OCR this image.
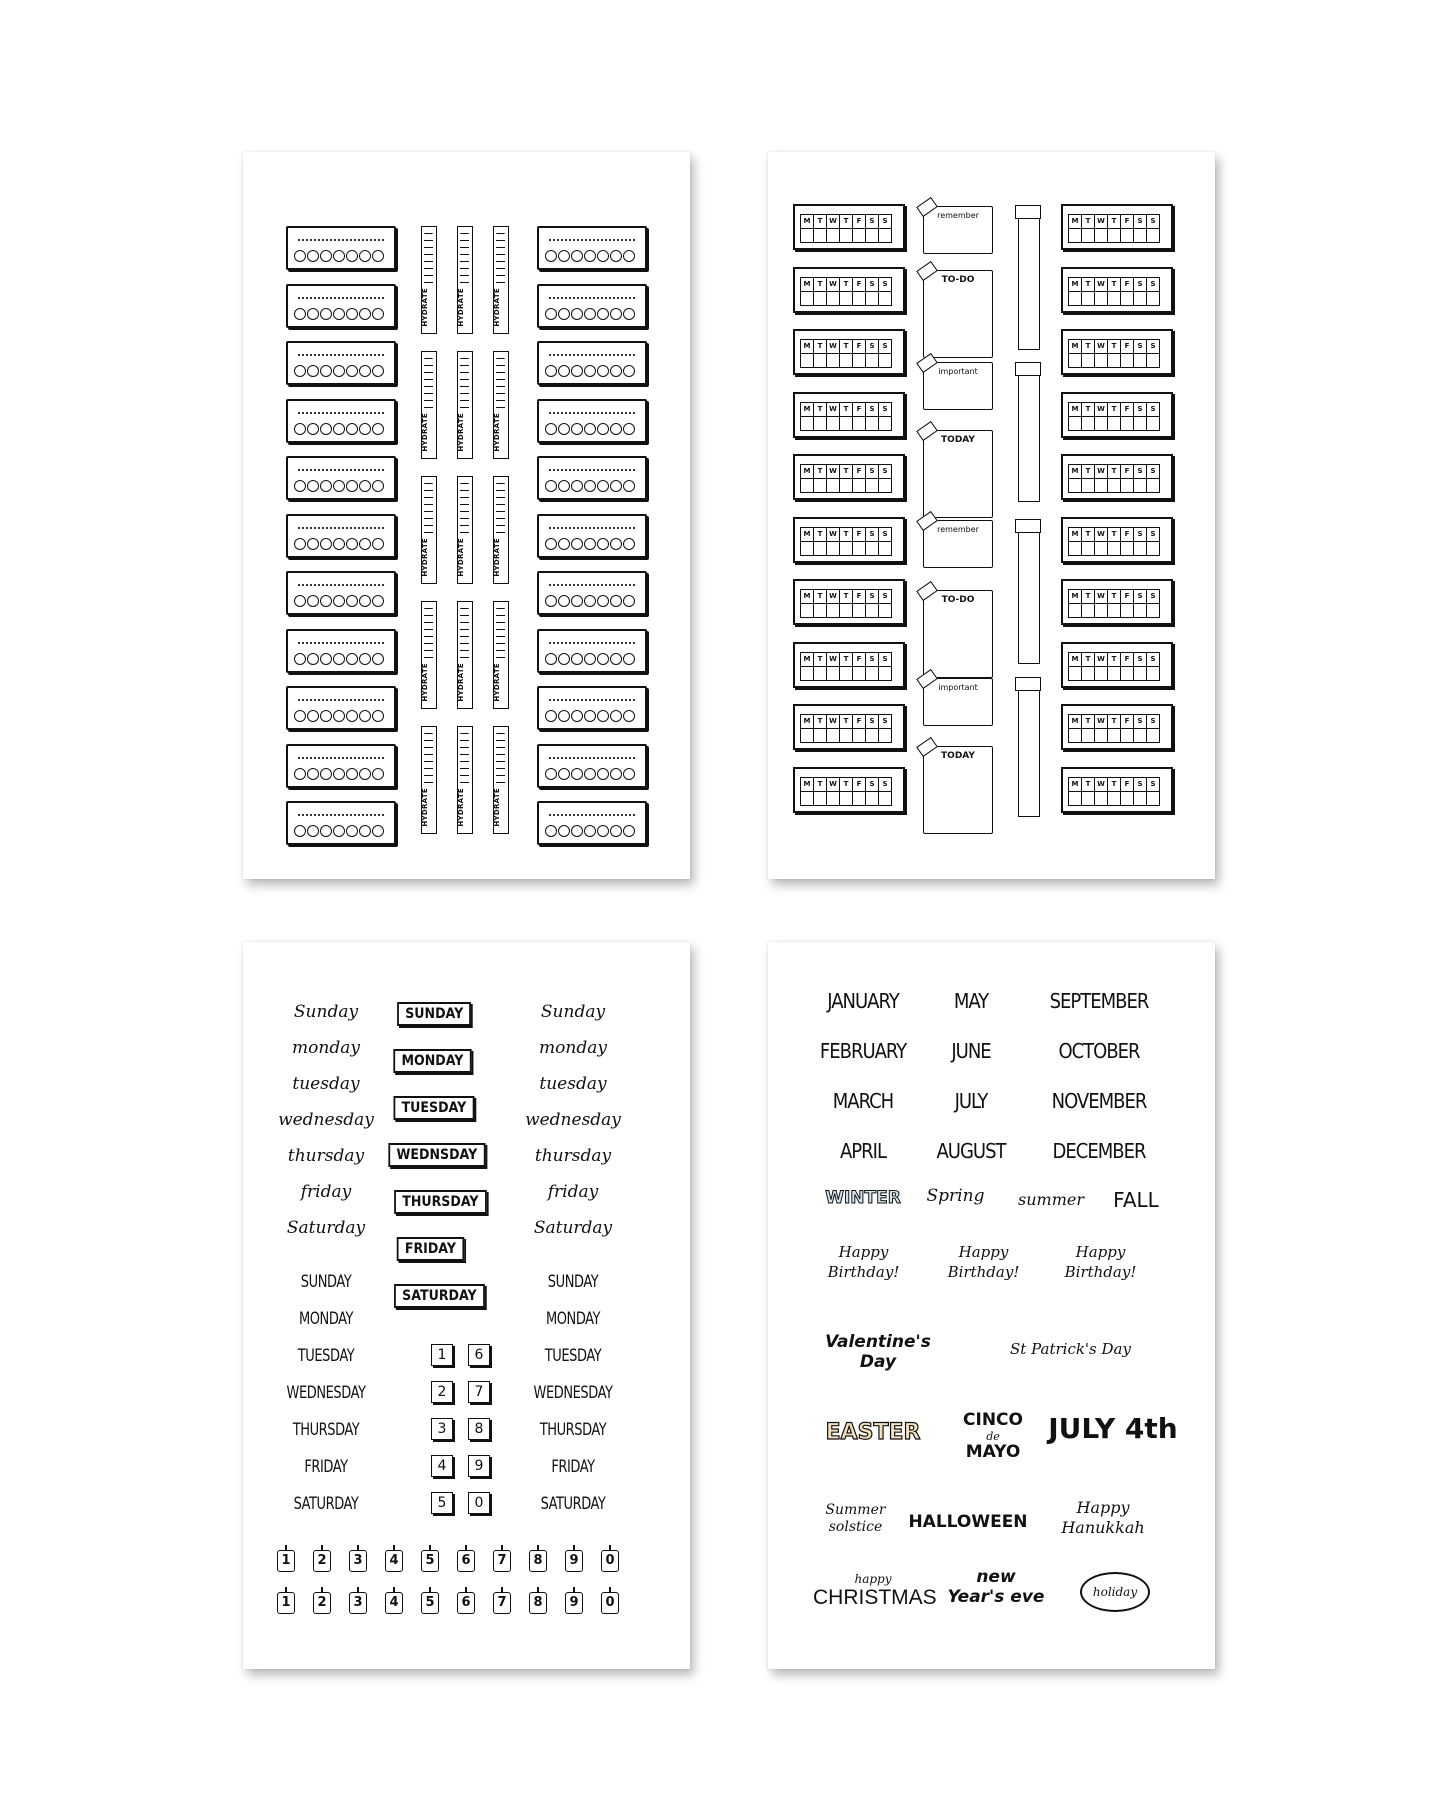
HYDRATE	HYDRATE	HYDRATE
HYDRATE	HYDRATE	HYDRATE
HYDRATE	HYDRATE	HYDRATE
HYDRATE	HYDRATE	HYDRATE
HYDRATE	HYDRATE	HYDRATE
M	T W T	F	S	S	M	T W T	F	S	S
M	T W T	F	S	S	M	T W T	F	S	S
M	T W T	F	S	S	M	T W T	F	S	S
M	T W T	F	S	S	M	T W T	F	S	S
M	T W T	F	S	S	M	T W T	F	S	S
M	T W T	F	S	S	M	T W T	F	S	S
M	T W T	F	S	S	M	T W T	F	S	S
M	T W T	F	S	S	M	T W T	F	S	S
M	T W T	F	S	S	M	T W T	F	S	S
M	T W T	F	S	S	M	T W T	F	S	S
remember
TO-DO
important
TODAY
remember
TO-DO
important
TODAY
Sunday	Sunday
monday	monday
tuesday	tuesday
wednesday	wednesday
thursday	thursday
friday	friday
Saturday	Saturday
SUNDAY	SUNDAY
MONDAY	MONDAY
TUESDAY	TUESDAY
WEDNESDAY	WEDNESDAY
THURSDAY	THURSDAY
FRIDAY	FRIDAY
SATURDAY	SATURDAY
SUNDAY
MONDAY
TUESDAY
WEDNSDAY
THURSDAY
FRIDAY
SATURDAY
1	6
2	7
3	8
4	9
5	0
1	2	3	4	5	6	7	8	9	0
1	2	3	4	5	6	7	8	9	0
JANUARY	MAY	SEPTEMBER
FEBRUARY	JUNE	OCTOBER
MARCH	JULY	NOVEMBER
APRIL	AUGUST	DECEMBER
WINTER	Spring	summer	FALL
Happy Birthday!
Happy Birthday!
Happy Birthday!
Valentine's Day
St Patrick's Day
EASTER	CINCO
de
MAYO
JULY 4th
Summer solstice	HALLOWEEN
Happy Hanukkah
happy
CHRISTMAS
new Year's eve	holiday
